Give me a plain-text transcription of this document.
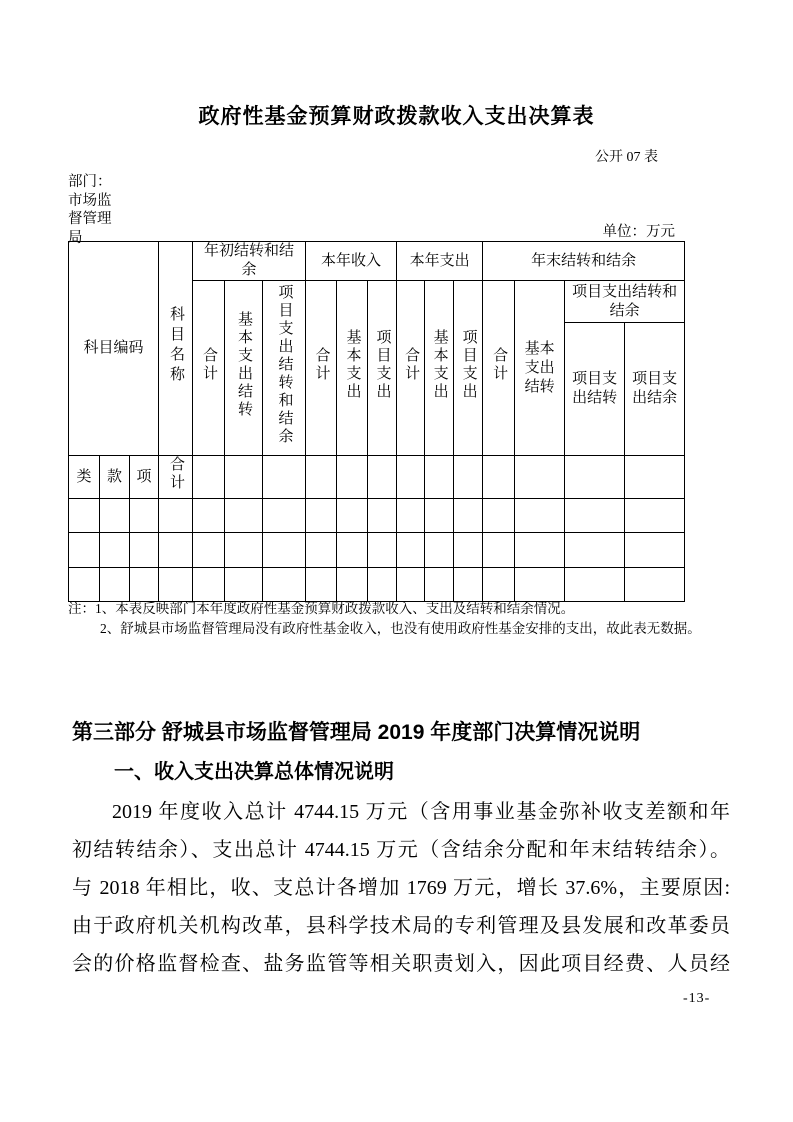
政府性基金预算财政拨款收入支出决算表
公开 07 表
部门：市场监督管理局	单位：万元
科目编码			科目名称	年初结转和结余			本年收入			本年支出			年末结转和结余			
				合计	基本支出结转	项目支出结转和结余	合计	基本支出	项目支出	合计	基本支出	项目支出	合计	基本支出结转	项目支出结转和结余	
															项目支出结转	项目支出结余
类	款	项	合计													

注：1、本表反映部门本年度政府性基金预算财政拨款收入、支出及结转和结余情况。
2、舒城县市场监督管理局没有政府性基金收入，也没有使用政府性基金安排的支出，故此表无数据。
第三部分 舒城县市场监督管理局 2019 年度部门决算情况说明
一、收入支出决算总体情况说明
2019 年度收入总计 4744.15 万元（含用事业基金弥补收支差额和年
初结转结余）、支出总计 4744.15 万元（含结余分配和年末结转结余）。
与 2018 年相比，收、支总计各增加 1769 万元，增长 37.6%，主要原因:
由于政府机关机构改革，县科学技术局的专利管理及县发展和改革委员
会的价格监督检查、盐务监管等相关职责划入，因此项目经费、人员经
-13-
